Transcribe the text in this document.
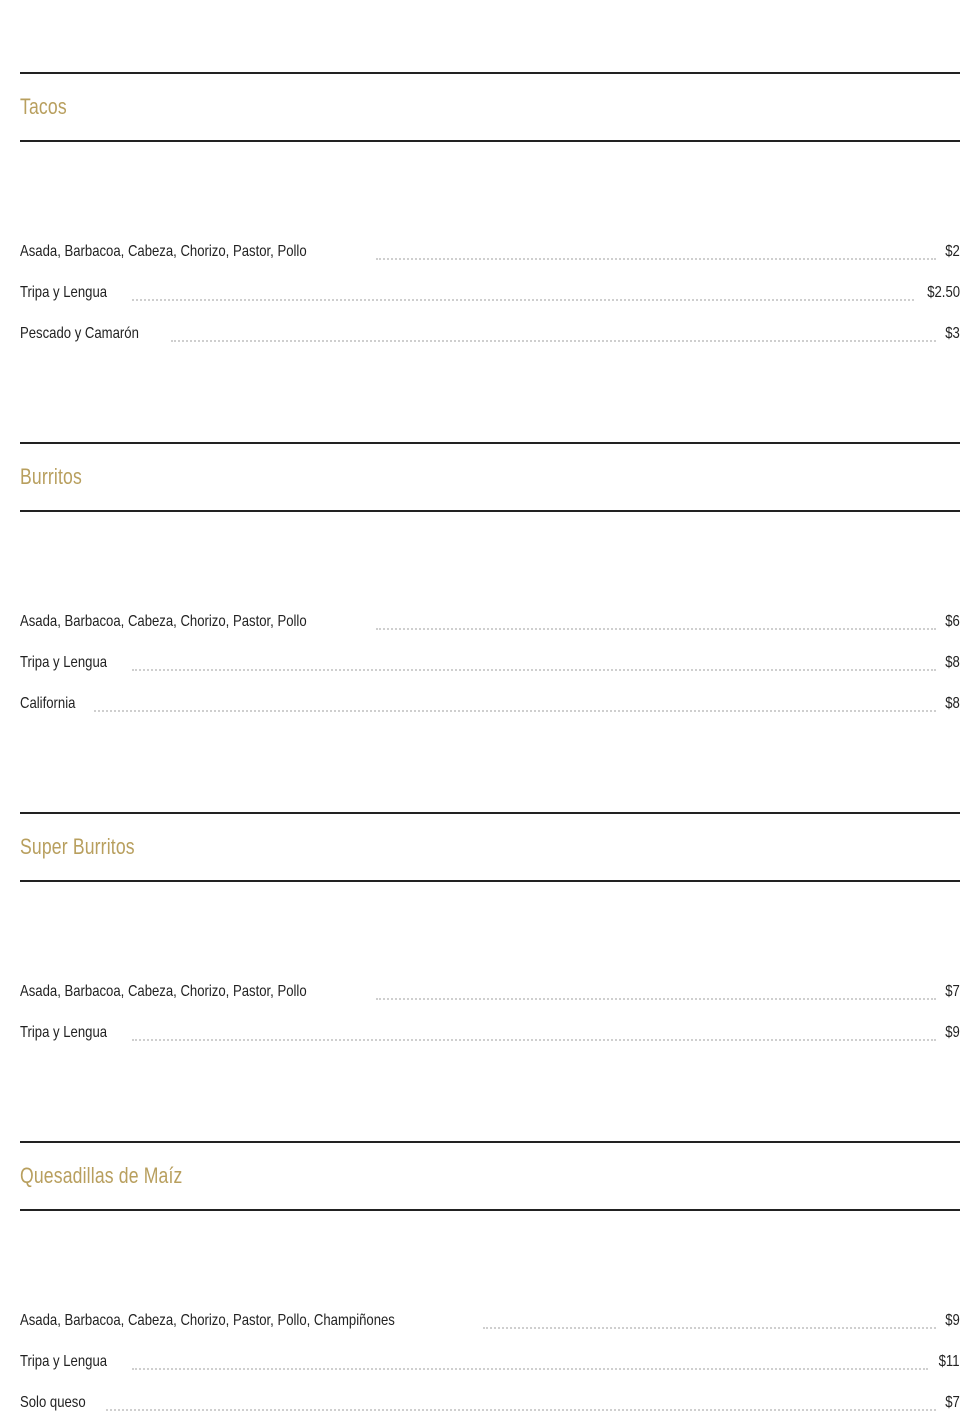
Tacos
Asada, Barbacoa, Cabeza, Chorizo, Pastor, Pollo	$2
Tripa y Lengua	$2.50
Pescado y Camarón	$3
Burritos
Asada, Barbacoa, Cabeza, Chorizo, Pastor, Pollo	$6
Tripa y Lengua	$8
California	$8
Super Burritos
Asada, Barbacoa, Cabeza, Chorizo, Pastor, Pollo	$7
Tripa y Lengua	$9
Quesadillas de Maíz
Asada, Barbacoa, Cabeza, Chorizo, Pastor, Pollo, Champiñones	$9
Tripa y Lengua	$11
Solo queso	$7
